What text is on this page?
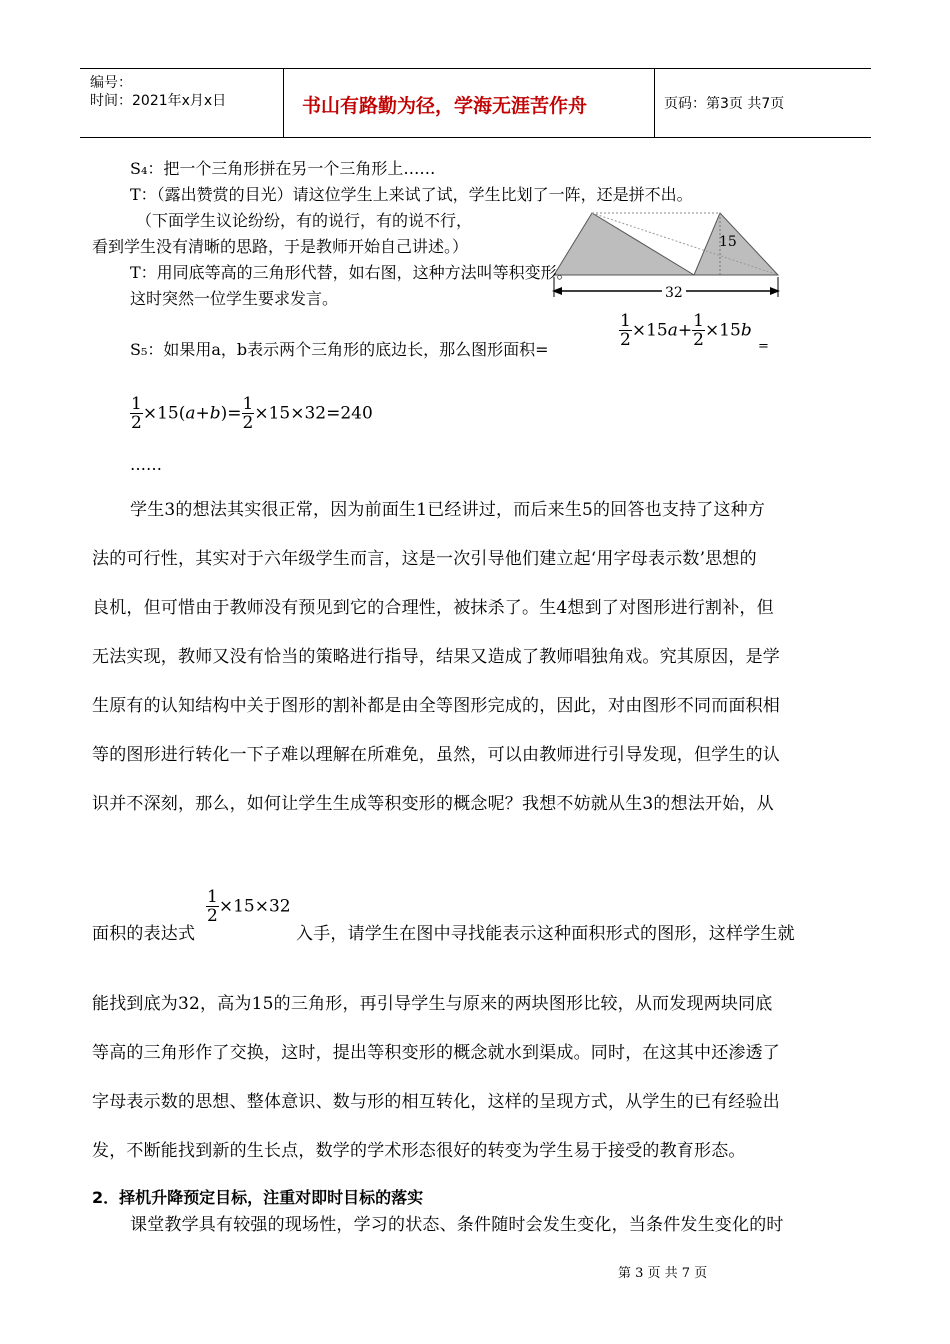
编号：
时间：2021年x月x日	书山有路勤为径，学海无涯苦作舟	页码：第3页 共7页
S₄：把一个三角形拼在另一个三角形上……
T：（露出赞赏的目光）请这位学生上来试了试，学生比划了一阵，还是拼不出。
（下面学生议论纷纷，有的说行，有的说不行，
看到学生没有清晰的思路，于是教师开始自己讲述。）	15
32
T：用同底等高的三角形代替，如右图，这种方法叫等积变形。
这时突然一位学生要求发言。
S₅：如果用a，b表示两个三角形的底边长，那么图形面积=
$\frac{1}{2} \times 15a+ \frac{1}{2} \times 15b$
=
$\frac{1}{2} \times 15(a+b)= \frac{1}{2} \times 15\times 32=240$
……
学生3的想法其实很正常，因为前面生1已经讲过，而后来生5的回答也支持了这种方
法的可行性，其实对于六年级学生而言，这是一次引导他们建立起‘用字母表示数’思想的
良机，但可惜由于教师没有预见到它的合理性，被抹杀了。生4想到了对图形进行割补，但
无法实现，教师又没有恰当的策略进行指导，结果又造成了教师唱独角戏。究其原因，是学
生原有的认知结构中关于图形的割补都是由全等图形完成的，因此，对由图形不同而面积相
等的图形进行转化一下子难以理解在所难免，虽然，可以由教师进行引导发现，但学生的认
识并不深刻，那么，如何让学生生成等积变形的概念呢？我想不妨就从生3的想法开始，从
面积的表达式
$\frac{1}{2} \times 15\times 32$
入手，请学生在图中寻找能表示这种面积形式的图形，这样学生就
能找到底为32，高为15的三角形，再引导学生与原来的两块图形比较，从而发现两块同底
等高的三角形作了交换，这时，提出等积变形的概念就水到渠成。同时，在这其中还渗透了
字母表示数的思想、整体意识、数与形的相互转化，这样的呈现方式，从学生的已有经验出
发，不断能找到新的生长点，数学的学术形态很好的转变为学生易于接受的教育形态。
2．择机升降预定目标，注重对即时目标的落实
课堂教学具有较强的现场性，学习的状态、条件随时会发生变化，当条件发生变化的时
第 3 页 共 7 页
